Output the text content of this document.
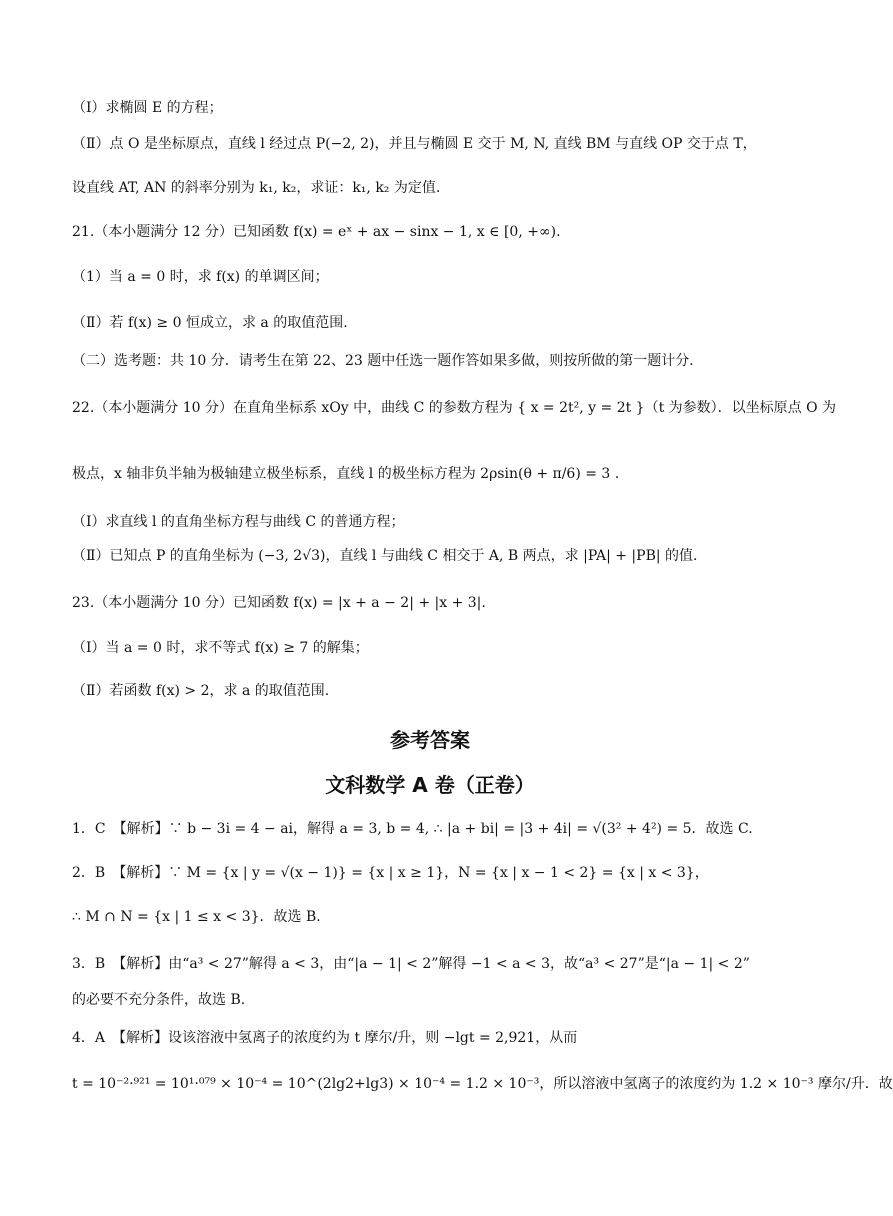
（Ⅰ）求椭圆 E 的方程；
（Ⅱ）点 O 是坐标原点，直线 l 经过点 P(−2, 2)，并且与椭圆 E 交于 M, N, 直线 BM 与直线 OP 交于点 T，
设直线 AT, AN 的斜率分别为 k₁, k₂，求证：k₁, k₂ 为定值.
21.（本小题满分 12 分）已知函数 f(x) = eˣ + ax − sinx − 1, x ∈ [0, +∞).
（1）当 a = 0 时，求 f(x) 的单调区间；
（Ⅱ）若 f(x) ≥ 0 恒成立，求 a 的取值范围.
（二）选考题：共 10 分．请考生在第 22、23 题中任选一题作答如果多做，则按所做的第一题计分．
22.（本小题满分 10 分）在直角坐标系 xOy 中，曲线 C 的参数方程为 { x = 2t², y = 2t }（t 为参数）．以坐标原点 O 为
极点，x 轴非负半轴为极轴建立极坐标系，直线 l 的极坐标方程为 2ρsin(θ + π/6) = 3 .
（Ⅰ）求直线 l 的直角坐标方程与曲线 C 的普通方程；
（Ⅱ）已知点 P 的直角坐标为 (−3, 2√3)，直线 l 与曲线 C 相交于 A, B 两点，求 |PA| + |PB| 的值.
23.（本小题满分 10 分）已知函数 f(x) = |x + a − 2| + |x + 3|.
（Ⅰ）当 a = 0 时，求不等式 f(x) ≥ 7 的解集；
（Ⅱ）若函数 f(x) > 2，求 a 的取值范围.
参考答案
文科数学 A 卷（正卷）
1．C　【解析】∵ b − 3i = 4 − ai，解得 a = 3, b = 4, ∴ |a + bi| = |3 + 4i| = √(3² + 4²) = 5．故选 C.
2．B　【解析】∵ M = {x | y = √(x − 1)} = {x | x ≥ 1}，N = {x | x − 1 < 2} = {x | x < 3}，
∴ M ∩ N = {x | 1 ≤ x < 3}．故选 B.
3．B　【解析】由“a³ < 27”解得 a < 3，由“|a − 1| < 2”解得 −1 < a < 3，故“a³ < 27”是“|a − 1| < 2”
的必要不充分条件，故选 B.
4．A　【解析】设该溶液中氢离子的浓度约为 t 摩尔/升，则 −lgt = 2,921，从而
t = 10⁻²·⁹²¹ = 10¹·⁰⁷⁹ × 10⁻⁴ = 10^(2lg2+lg3) × 10⁻⁴ = 1.2 × 10⁻³，所以溶液中氢离子的浓度约为 1.2 × 10⁻³ 摩尔/升．故
